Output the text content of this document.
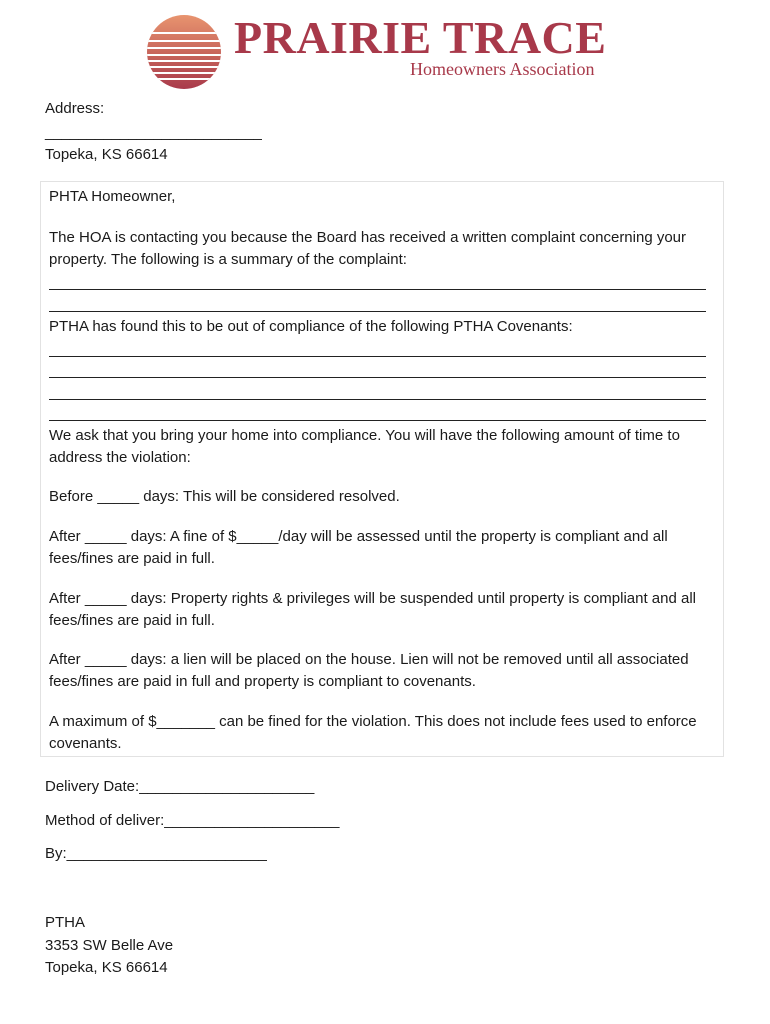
PRAIRIE TRACE
Homeowners Association
Address:
__________________________
Topeka, KS 66614
PHTA Homeowner,
The HOA is contacting you because the Board has received a written complaint concerning your property. The following is a summary of the complaint:
PTHA has found this to be out of compliance of the following PTHA Covenants:
We ask that you bring your home into compliance. You will have the following amount of time to address the violation:
Before _____ days: This will be considered resolved.
After _____ days: A fine of $_____/day will be assessed until the property is compliant and all fees/fines are paid in full.
After _____ days: Property rights & privileges will be suspended until property is compliant and all fees/fines are paid in full.
After _____ days: a lien will be placed on the house. Lien will not be removed until all associated fees/fines are paid in full and property is compliant to covenants.
A maximum of $_______ can be fined for the violation. This does not include fees used to enforce covenants.
Delivery Date:_____________________
Method of deliver:_____________________
By:________________________
PTHA
3353 SW Belle Ave
Topeka, KS 66614
